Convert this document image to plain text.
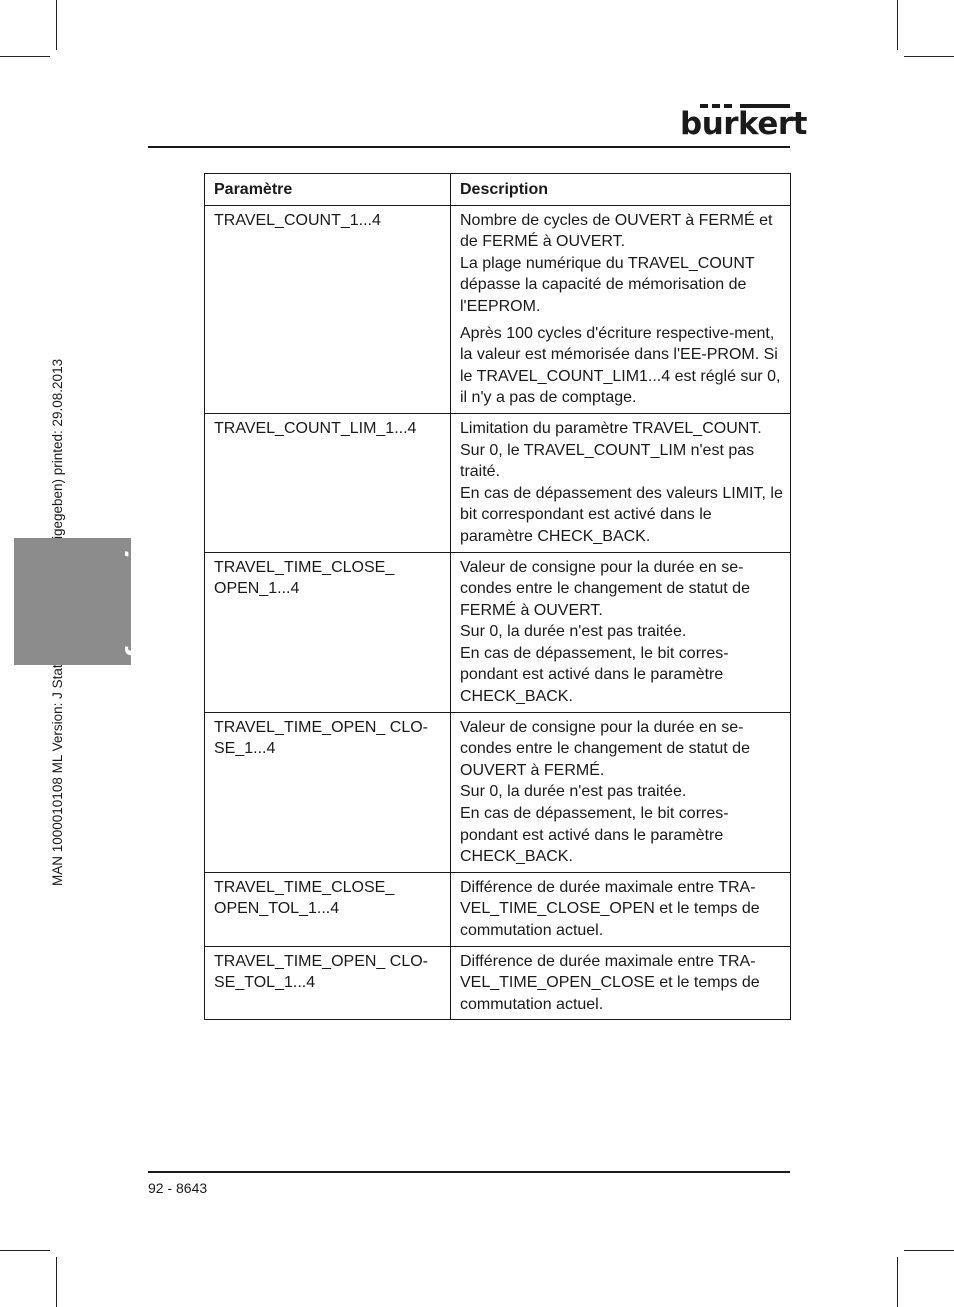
burkert
français
Paramètre	Description
TRAVEL_COUNT_1...4	Nombre de cycles de OUVERT à FERMÉ et de FERMÉ à OUVERT.

La plage numérique du TRAVEL_COUNT dépasse la capacité de mémorisation de l'EEPROM.

Après 100 cycles d'écriture respective-ment, la valeur est mémorisée dans l'EE-PROM. Si le TRAVEL_COUNT_LIM1...4 est réglé sur 0, il n'y a pas de comptage.

TRAVEL_COUNT_LIM_1...4	Limitation du paramètre TRAVEL_COUNT.

Sur 0, le TRAVEL_COUNT_LIM n'est pas traité.

En cas de dépassement des valeurs LIMIT, le bit correspondant est activé dans le paramètre CHECK_BACK.

TRAVEL_TIME_CLOSE_ OPEN_1...4	Valeur de consigne pour la durée en se-condes entre le changement de statut de FERMÉ à OUVERT.

Sur 0, la durée n'est pas traitée.

En cas de dépassement, le bit corres-pondant est activé dans le paramètre CHECK_BACK.

TRAVEL_TIME_OPEN_ CLO-SE_1...4	Valeur de consigne pour la durée en se-condes entre le changement de statut de OUVERT à FERMÉ.

Sur 0, la durée n'est pas traitée.

En cas de dépassement, le bit corres-pondant est activé dans le paramètre CHECK_BACK.

TRAVEL_TIME_CLOSE_ OPEN_TOL_1...4	Différence de durée maximale entre TRA-VEL_TIME_CLOSE_OPEN et le temps de commutation actuel.

TRAVEL_TIME_OPEN_ CLO-SE_TOL_1...4	Différence de durée maximale entre TRA-VEL_TIME_OPEN_CLOSE et le temps de commutation actuel.

92 - 8643
